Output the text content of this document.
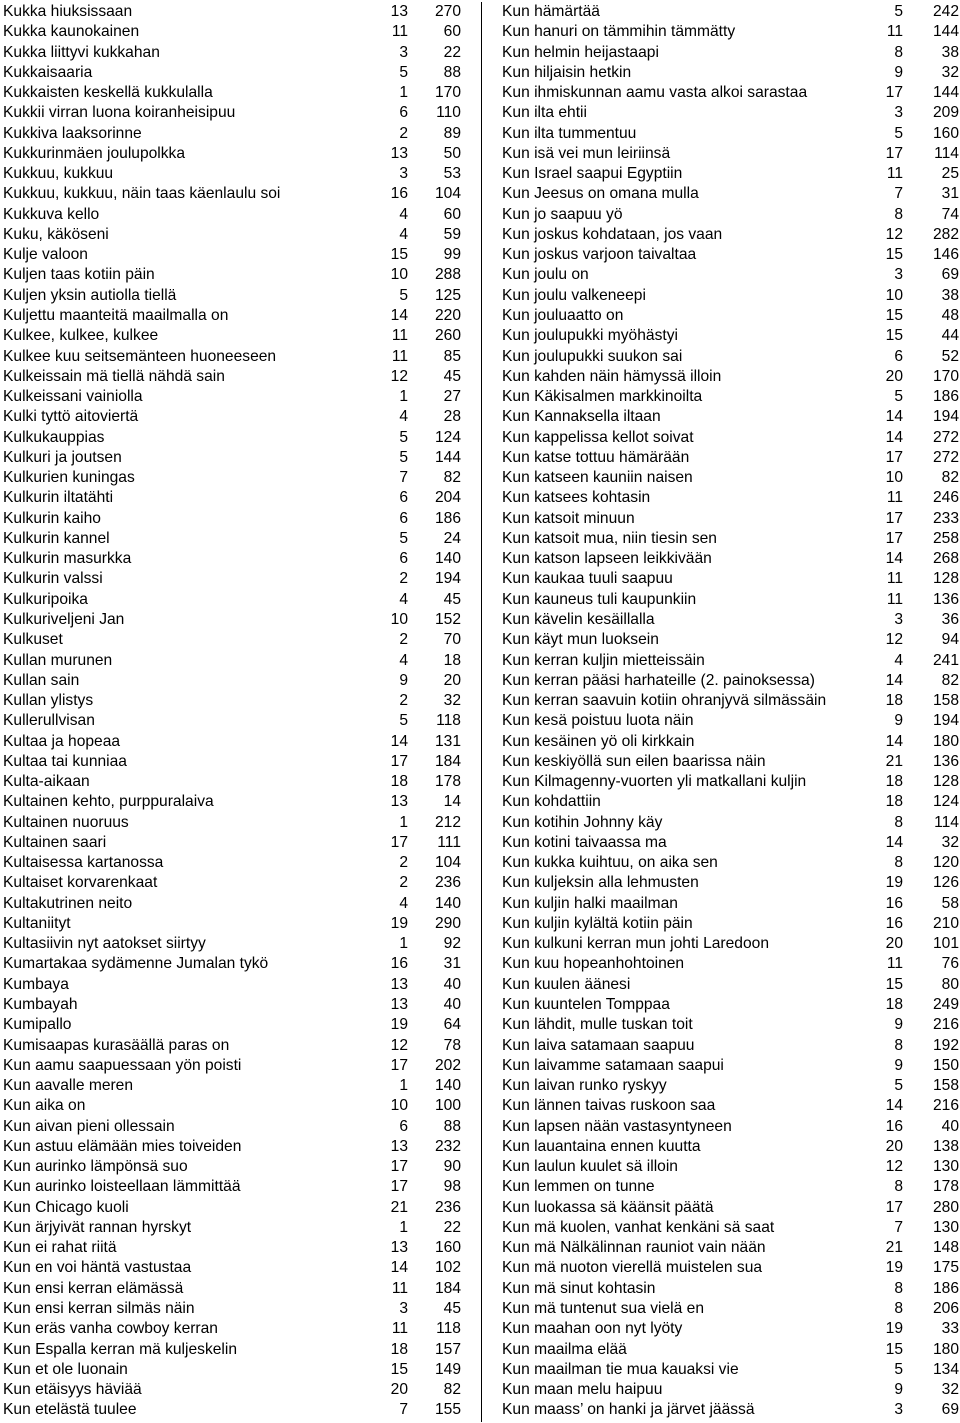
Kukka hiuksissaan	13	270
Kukka kaunokainen	11	60
Kukka liittyvi kukkahan	3	22
Kukkaisaaria	5	88
Kukkaisten keskellä kukkulalla	1	170
Kukkii virran luona koiranheisipuu	6	110
Kukkiva laaksorinne	2	89
Kukkurinmäen joulupolkka	13	50
Kukkuu, kukkuu	3	53
Kukkuu, kukkuu, näin taas käenlaulu soi	16	104
Kukkuva kello	4	60
Kuku, käköseni	4	59
Kulje valoon	15	99
Kuljen taas kotiin päin	10	288
Kuljen yksin autiolla tiellä	5	125
Kuljettu maanteitä maailmalla on	14	220
Kulkee, kulkee, kulkee	11	260
Kulkee kuu seitsemänteen huoneeseen	11	85
Kulkeissain mä tiellä nähdä sain	12	45
Kulkeissani vainiolla	1	27
Kulki tyttö aitoviertä	4	28
Kulkukauppias	5	124
Kulkuri ja joutsen	5	144
Kulkurien kuningas	7	82
Kulkurin iltatähti	6	204
Kulkurin kaiho	6	186
Kulkurin kannel	5	24
Kulkurin masurkka	6	140
Kulkurin valssi	2	194
Kulkuripoika	4	45
Kulkuriveljeni Jan	10	152
Kulkuset	2	70
Kullan murunen	4	18
Kullan sain	9	20
Kullan ylistys	2	32
Kullerullvisan	5	118
Kultaa ja hopeaa	14	131
Kultaa tai kunniaa	17	184
Kulta-aikaan	18	178
Kultainen kehto, purppuralaiva	13	14
Kultainen nuoruus	1	212
Kultainen saari	17	111
Kultaisessa kartanossa	2	104
Kultaiset korvarenkaat	2	236
Kultakutrinen neito	4	140
Kultaniityt	19	290
Kultasiivin nyt aatokset siirtyy	1	92
Kumartakaa sydämenne Jumalan tykö	16	31
Kumbaya	13	40
Kumbayah	13	40
Kumipallo	19	64
Kumisaapas kurasäällä paras on	12	78
Kun aamu saapuessaan yön poisti	17	202
Kun aavalle meren	1	140
Kun aika on	10	100
Kun aivan pieni ollessain	6	88
Kun astuu elämään mies toiveiden	13	232
Kun aurinko lämpönsä suo	17	90
Kun aurinko loisteellaan lämmittää	17	98
Kun Chicago kuoli	21	236
Kun ärjyivät rannan hyrskyt	1	22
Kun ei rahat riitä	13	160
Kun en voi häntä vastustaa	14	102
Kun ensi kerran elämässä	11	184
Kun ensi kerran silmäs näin	3	45
Kun eräs vanha cowboy kerran	11	118
Kun Espalla kerran mä kuljeskelin	18	157
Kun et ole luonain	15	149
Kun etäisyys häviää	20	82
Kun etelästä tuulee	7	155
Kun hämärtää	5	242
Kun hanuri on tämmihin tämmätty	11	144
Kun helmin heijastaapi	8	38
Kun hiljaisin hetkin	9	32
Kun ihmiskunnan aamu vasta alkoi sarastaa	17	144
Kun ilta ehtii	3	209
Kun ilta tummentuu	5	160
Kun isä vei mun leiriinsä	17	114
Kun Israel saapui Egyptiin	11	25
Kun Jeesus on omana mulla	7	31
Kun jo saapuu yö	8	74
Kun joskus kohdataan, jos vaan	12	282
Kun joskus varjoon taivaltaa	15	146
Kun joulu on	3	69
Kun joulu valkeneepi	10	38
Kun jouluaatto on	15	48
Kun joulupukki myöhästyi	15	44
Kun joulupukki suukon sai	6	52
Kun kahden näin hämyssä illoin	20	170
Kun Käkisalmen markkinoilta	5	186
Kun Kannaksella iltaan	14	194
Kun kappelissa kellot soivat	14	272
Kun katse tottuu hämärään	17	272
Kun katseen kauniin naisen	10	82
Kun katsees kohtasin	11	246
Kun katsoit minuun	17	233
Kun katsoit mua, niin tiesin sen	17	258
Kun katson lapseen leikkivään	14	268
Kun kaukaa tuuli saapuu	11	128
Kun kauneus tuli kaupunkiin	11	136
Kun kävelin kesäillalla	3	36
Kun käyt mun luoksein	12	94
Kun kerran kuljin mietteissäin	4	241
Kun kerran pääsi harhateille (2. painoksessa)	14	82
Kun kerran saavuin kotiin ohranjyvä silmässäin	18	158
Kun kesä poistuu luota näin	9	194
Kun kesäinen yö oli kirkkain	14	180
Kun keskiyöllä sun eilen baarissa näin	21	136
Kun Kilmagenny-vuorten yli matkallani kuljin	18	128
Kun kohdattiin	18	124
Kun kotihin Johnny käy	8	114
Kun kotini taivaassa ma	14	32
Kun kukka kuihtuu, on aika sen	8	120
Kun kuljeksin alla lehmusten	19	126
Kun kuljin halki maailman	16	58
Kun kuljin kylältä kotiin päin	16	210
Kun kulkuni kerran mun johti Laredoon	20	101
Kun kuu hopeanhohtoinen	11	76
Kun kuulen äänesi	15	80
Kun kuuntelen Tomppaa	18	249
Kun lähdit, mulle tuskan toit	9	216
Kun laiva satamaan saapuu	8	192
Kun laivamme satamaan saapui	9	150
Kun laivan runko ryskyy	5	158
Kun lännen taivas ruskoon saa	14	216
Kun lapsen nään vastasyntyneen	16	40
Kun lauantaina ennen kuutta	20	138
Kun laulun kuulet sä illoin	12	130
Kun lemmen on tunne	8	178
Kun luokassa sä käänsit päätä	17	280
Kun mä kuolen, vanhat kenkäni sä saat	7	130
Kun mä Nälkälinnan rauniot vain nään	21	148
Kun mä nuoton vierellä muistelen sua	19	175
Kun mä sinut kohtasin	8	186
Kun mä tuntenut sua vielä en	8	206
Kun maahan oon nyt lyöty	19	33
Kun maailma elää	15	180
Kun maailman tie mua kauaksi vie	5	134
Kun maan melu haipuu	9	32
Kun maass’ on hanki ja järvet jäässä	3	69
